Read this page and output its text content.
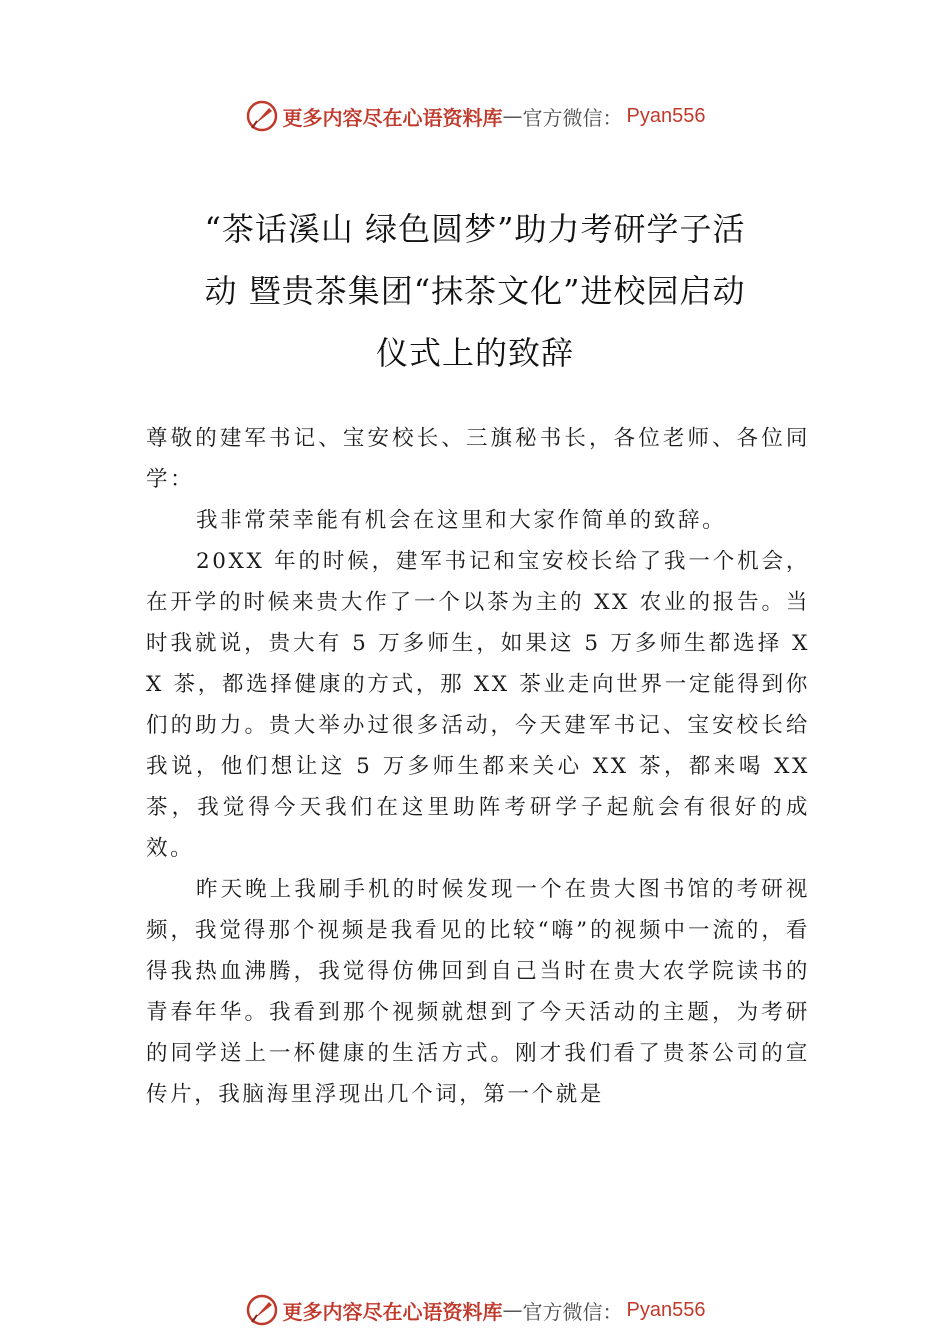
更多内容尽在心语资料库 — 官方微信： Pyan556
“茶话溪山 绿色圆梦”助力考研学子活
动 暨贵茶集团“抹茶文化”进校园启动
仪式上的致辞

尊敬的建军书记、宝安校长、三旗秘书长，各位老师、各位同学：

我非常荣幸能有机会在这里和大家作简单的致辞。

20XX 年的时候，建军书记和宝安校长给了我一个机会，在开学的时候来贵大作了一个以茶为主的 XX 农业的报告。当时我就说，贵大有 5 万多师生，如果这 5 万多师生都选择 XX 茶，都选择健康的方式，那 XX 茶业走向世界一定能得到你们的助力。贵大举办过很多活动，今天建军书记、宝安校长给我说，他们想让这 5 万多师生都来关心 XX 茶，都来喝 XX 茶，我觉得今天我们在这里助阵考研学子起航会有很好的成效。

昨天晚上我刷手机的时候发现一个在贵大图书馆的考研视频，我觉得那个视频是我看见的比较“嗨”的视频中一流的，看得我热血沸腾，我觉得仿佛回到自己当时在贵大农学院读书的青春年华。我看到那个视频就想到了今天活动的主题，为考研的同学送上一杯健康的生活方式。刚才我们看了贵茶公司的宣传片，我脑海里浮现出几个词，第一个就是

更多内容尽在心语资料库 — 官方微信： Pyan556
